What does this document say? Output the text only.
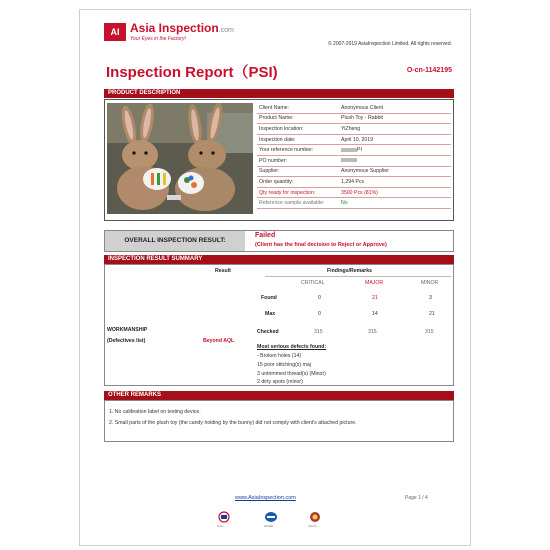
AI Asia Inspection.com
Your Eyes in the Factory!
© 2007-2019 AsiaInspection Limited. All rights reserved.
Inspection Report（PSI)	O-cn-1142195
PRODUCT DESCRIPTION
Client Name:	Anonymous Client
Product Name:	Plush Toy - Rabbit
Inspection location:	YiZheng
Inspection date:	April 10, 2019
Your reference number:	PI
PO number:	
Supplier:	Anonymous Supplier
Order quantity:	1,294 Pcs
Qty ready for inspection:	3500 Pcs (81%)
Reference sample available:	No
OVERALL INSPECTION RESULT:
Failed
(Client has the final decision to Reject or Approve)
INSPECTION RESULT SUMMARY
Result	Findings/Remarks
CRITICAL	MAJOR	MINOR
Found	0	21	3
Max	0	14	21
WORKMANSHIP
(Defectives list)	Beyond AQL
Checked	315	315	315
Most serious defects found:
- Broken holes (14)
15 poor stitching(s) maj
3 untrimmed thread(s) (Minor)
2 dirty spots (minor)
OTHER REMARKS
1. No calibration label on testing device.
2. Small parts of the plush toy (the candy holding by the bunny) did not comply with client's attached picture.
www.AsiaInspection.com	Page 1 / 4
ILAC	IECEE	CNAS
